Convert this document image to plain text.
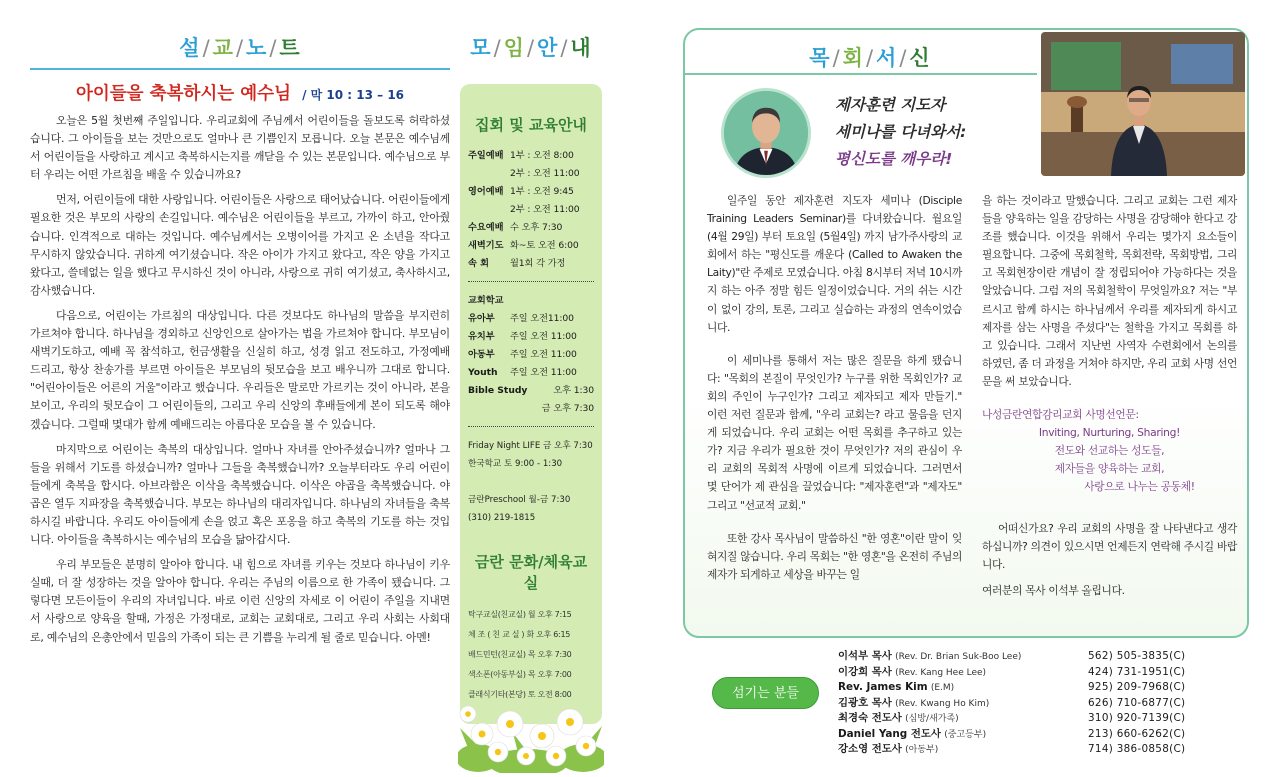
설/교/노/트
아이들을 축복하시는 예수님 / 막 10 : 13 – 16

오늘은 5월 첫번째 주일입니다. 우리교회에 주님께서 어린이들을 돌보도록 허락하셨습니다. 그 아이들을 보는 것만으로도 얼마나 큰 기쁨인지 모릅니다. 오늘 본문은 예수님께서 어린이들을 사랑하고 계시고 축복하시는지를 깨닫을 수 있는 본문입니다. 예수님으로 부터 우리는 어떤 가르침을 배울 수 있습니까요?

먼저, 어린이들에 대한 사랑입니다. 어린이들은 사랑으로 태어났습니다. 어린이들에게 필요한 것은 부모의 사랑의 손길입니다. 예수님은 어린이들을 부르고, 가까이 하고, 안아줬습니다. 인격적으로 대하는 것입니다. 예수님께서는 오병이어를 가지고 온 소년을 작다고 무시하지 않았습니다. 귀하게 여기셨습니다. 작은 아이가 가지고 왔다고, 작은 양을 가지고 왔다고, 쓸데없는 일을 했다고 무시하신 것이 아니라, 사랑으로 귀히 여기셨고, 축사하시고, 감사했습니다.

다음으로, 어린이는 가르침의 대상입니다. 다른 것보다도 하나님의 말씀을 부지런히 가르쳐야 합니다. 하나님을 경외하고 신앙인으로 살아가는 법을 가르쳐야 합니다. 부모님이 새벽기도하고, 예배 꼭 참석하고, 헌금생활을 신실히 하고, 성경 읽고 전도하고, 가정예배 드리고, 항상 찬송가를 부르면 아이들은 부모님의 뒷모습을 보고 배우니까 그대로 합니다. "어린아이들은 어른의 거울"이라고 했습니다. 우리들은 말로만 가르키는 것이 아니라, 본을 보이고, 우리의 뒷모습이 그 어린이들의, 그리고 우리 신앙의 후배들에게 본이 되도록 해야겠습니다. 그럴때 몇대가 함께 예배드리는 아름다운 모습을 볼 수 있습니다.

마지막으로 어린이는 축복의 대상입니다. 얼마나 자녀를 안아주셨습니까? 얼마나 그들을 위해서 기도를 하셨습니까? 얼마나 그들을 축복했습니까? 오늘부터라도 우리 어린이들에게 축복을 합시다. 아브라함은 이삭을 축복했습니다. 이삭은 야곱을 축복했습니다. 야곱은 열두 지파장을 축복했습니다. 부모는 하나님의 대리자입니다. 하나님의 자녀들을 축복하시길 바랍니다. 우리도 아이들에게 손을 얹고 혹은 포옹을 하고 축복의 기도를 하는 것입니다. 아이들을 축복하시는 예수님의 모습을 닮아갑시다.

우리 부모들은 분명히 알아야 합니다. 내 힘으로 자녀를 키우는 것보다 하나님이 키우실때, 더 잘 성장하는 것을 알아야 합니다. 우리는 주님의 이름으로 한 가족이 됐습니다. 그렇다면 모든이들이 우리의 자녀입니다. 바로 이런 신앙의 자세로 이 어린이 주일을 지내면서 사랑으로 양육을 할때, 가정은 가정대로, 교회는 교회대로, 그리고 우리 사회는 사회대로, 예수님의 은총안에서 믿음의 가족이 되는 큰 기쁨을 누리게 될 줄로 믿습니다. 아멘!

모/임/안/내
집회 및 교육안내
주일예배 1부 : 오전 8:00
2부 : 오전 11:00
영어예배 1부 : 오전 9:45
2부 : 오전 11:00
수요예배 수 오후 7:30
새벽기도 화~토 오전 6:00
속 회	월1회 각 가정
교회학교
유아부	주일 오전11:00
유치부	주일 오전 11:00
아동부	주일 오전 11:00
Youth	주일 오전 11:00
Bible Study	오후 1:30
금 오후 7:30
Friday Night LIFE 금 오후 7:30
한국학교 토 9:00 - 1:30
금란Preschool 월-금 7:30
(310) 219-1815
금란 문화/체육교실
탁구교실(친교실) 월 오후 7:15
체 조 ( 친 교 실 ) 화 오후 6:15
배드민턴(친교실) 목 오후 7:30
색소폰(아동부실) 목 오후 7:00
클래식기타(본당) 토 오전 8:00
목/회/서/신
제자훈련 지도자
세미나를 다녀와서:
평신도를 깨우라!

일주일 동안 제자훈련 지도자 세미나 (Disciple Training Leaders Seminar)를 다녀왔습니다. 월요일 (4월 29일) 부터 토요일 (5월4일) 까지 남가주사랑의 교회에서 하는 "평신도를 깨운다 (Called to Awaken the Laity)"란 주제로 모였습니다. 아침 8시부터 저녁 10시까지 하는 아주 정말 힘든 일정이었습니다. 거의 쉬는 시간이 없이 강의, 토론, 그리고 실습하는 과정의 연속이었습니다.

이 세미나를 통해서 저는 많은 질문을 하게 됐습니다: "목회의 본질이 무엇인가? 누구를 위한 목회인가? 교회의 주인이 누구인가? 그리고 제자되고 제자 만들기." 이런 저런 질문과 함께, "우리 교회는? 라고 물음을 던지게 되었습니다. 우리 교회는 어떤 목회를 추구하고 있는가? 지금 우리가 필요한 것이 무엇인가? 저의 관심이 우리 교회의 목회적 사명에 이르게 되었습니다. 그러면서 몇 단어가 제 관심을 끌었습니다: "제자훈련"과 "제자도" 그리고 "선교적 교회."

또한 강사 목사님이 말씀하신 "한 영혼"이란 말이 잊혀지질 않습니다. 우리 목회는 "한 영혼"을 온전히 주님의 제자가 되게하고 세상을 바꾸는 일

을 하는 것이라고 말했습니다. 그리고 교회는 그런 제자들을 양육하는 일을 감당하는 사명을 감당해야 한다고 강조를 했습니다. 이것을 위해서 우리는 몇가지 요소들이 필요합니다. 그중에 목회철학, 목회전략, 목회방법, 그리고 목회현장이란 개념이 잘 정립되어야 가능하다는 것을 알았습니다. 그럼 저의 목회철학이 무엇일까요? 저는 "부르시고 함께 하시는 하나님께서 우리를 제자되게 하시고 제자를 삼는 사명을 주셨다"는 철학을 가지고 목회를 하고 있습니다. 그래서 지난번 사역자 수련회에서 논의를 하였던, 좀 더 과정을 거쳐야 하지만, 우리 교회 사명 선언문을 써 보았습니다.

나성금란연합감리교회 사명선언문:
Inviting, Nurturing, Sharing!
전도와 선교하는 성도들,
제자들을 양육하는 교회,
사랑으로 나누는 공동체!

어떠신가요? 우리 교회의 사명을 잘 나타낸다고 생각하십니까? 의견이 있으시면 언제든지 연락해 주시길 바랍니다.

여러분의 목사 이석부 올립니다.

섬기는 분들
이석부 목사 (Rev. Dr. Brian Suk-Boo Lee)	562) 505-3835(C)
이강희 목사 (Rev. Kang Hee Lee)	424) 731-1951(C)
Rev. James Kim (E.M)	925) 209-7968(C)
김광호 목사 (Rev. Kwang Ho Kim)	626) 710-6877(C)
최경숙 전도사 (심방/새가족)	310) 920-7139(C)
Daniel Yang 전도사 (중고등부)	213) 660-6262(C)
강소영 전도사 (아동부)	714) 386-0858(C)
